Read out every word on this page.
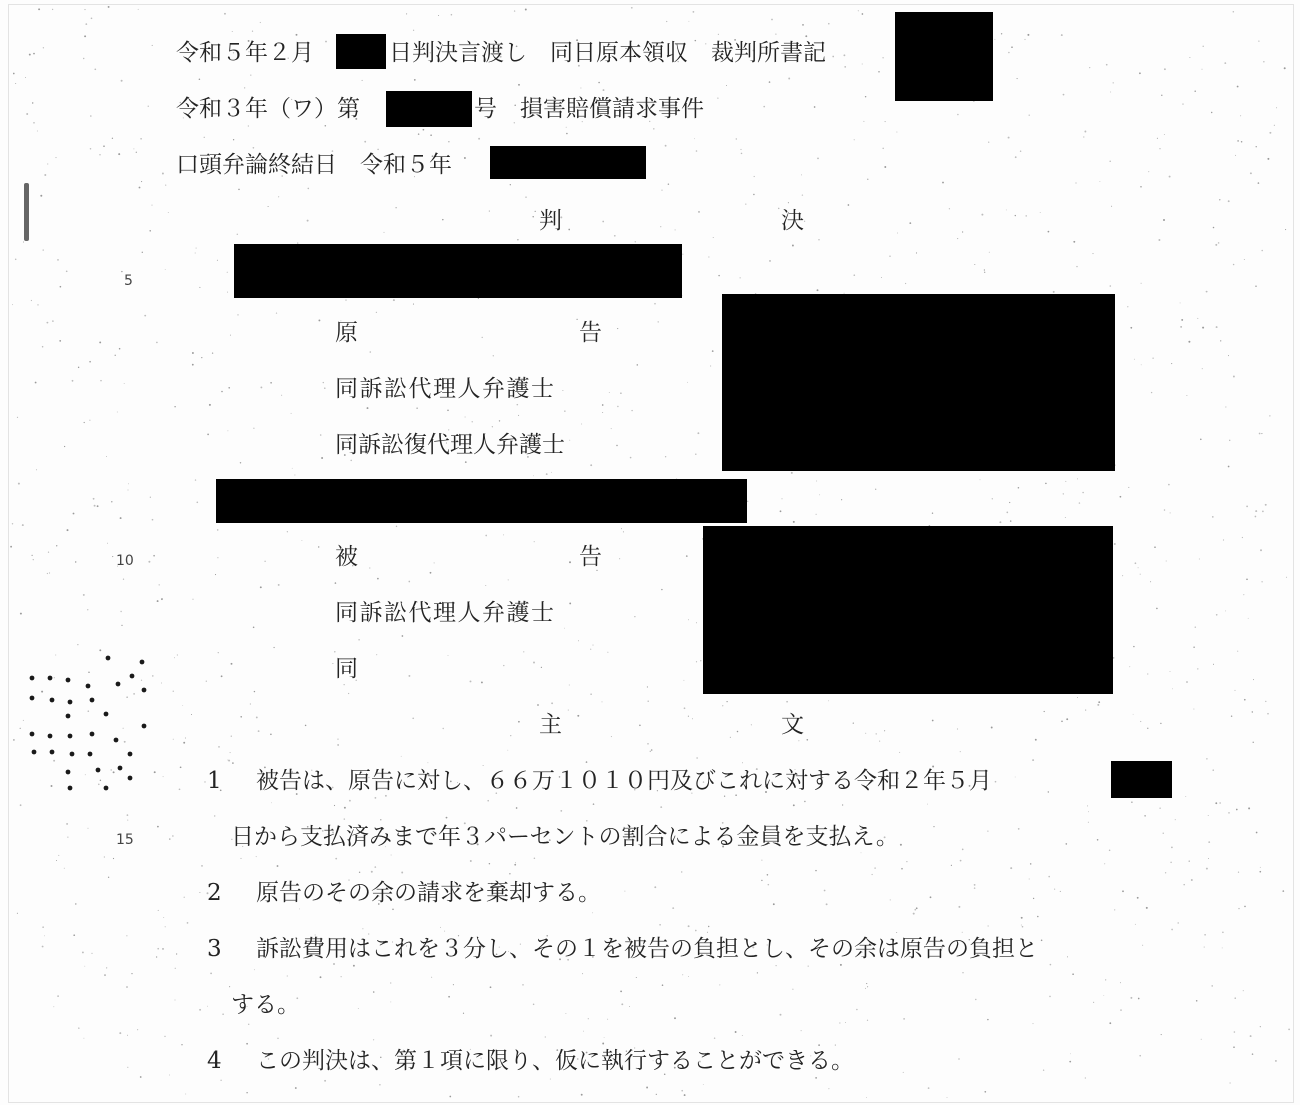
令和５年２月	日判決言渡し　同日原本領収　裁判所書記
令和３年（ワ）第	号　損害賠償請求事件
口頭弁論終結日　令和５年
判	決
5
10
15
原	告
同訴訟代理人弁護士
同訴訟復代理人弁護士
被	告
同訴訟代理人弁護士
同
主	文
1 被告は、原告に対し、６６万１０１０円及びこれに対する令和２年５月
日から支払済みまで年３パーセントの割合による金員を支払え。
2 原告のその余の請求を棄却する。
3 訴訟費用はこれを３分し、その１を被告の負担とし、その余は原告の負担と
する。
4 この判決は、第１項に限り、仮に執行することができる。
